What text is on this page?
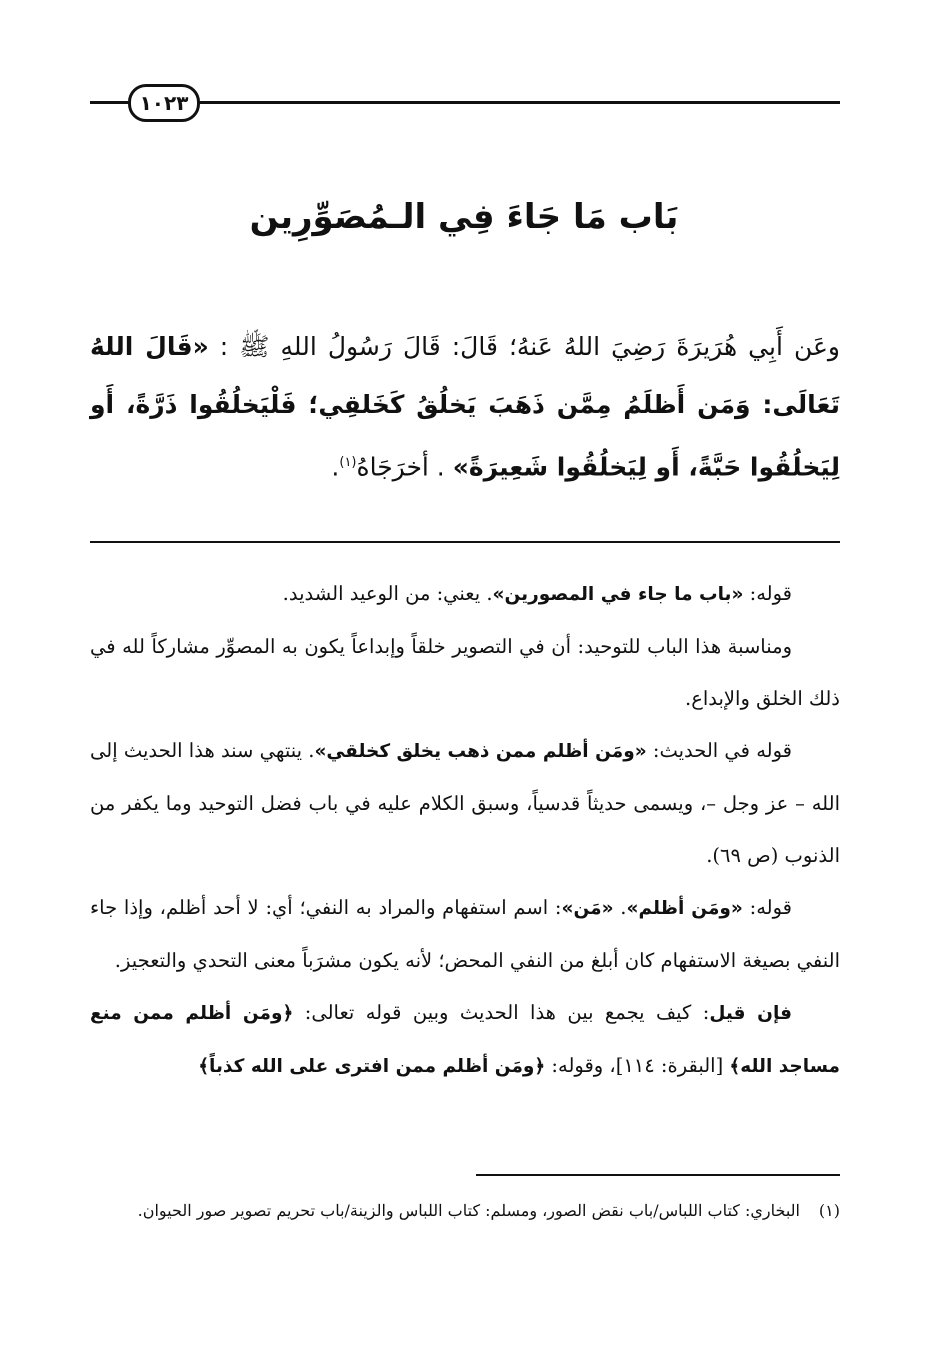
١٠٢٣
بَاب مَا جَاءَ فِي الـمُصَوِّرِين
وعَن أَبِي هُرَيرَةَ رَضِيَ اللهُ عَنهُ؛ قَالَ: قَالَ رَسُولُ اللهِ ﷺ : «قَالَ اللهُ تَعَالَى: وَمَن أَظلَمُ مِمَّن ذَهَبَ يَخلُقُ كَخَلقِي؛ فَلْيَخلُقُوا ذَرَّةً، أَو لِيَخلُقُوا حَبَّةً، أَو لِيَخلُقُوا شَعِيرَةً» . أخرَجَاهُ$^{(١)}$.

قوله: «باب ما جاء في المصورين». يعني: من الوعيد الشديد.

ومناسبة هذا الباب للتوحيد: أن في التصوير خلقاً وإبداعاً يكون به المصوِّر مشاركاً لله في ذلك الخلق والإبداع.

قوله في الحديث: «ومَن أظلم ممن ذهب يخلق كخلقي». ينتهي سند هذا الحديث إلى الله – عز وجل –، ويسمى حديثاً قدسياً، وسبق الكلام عليه في باب فضل التوحيد وما يكفر من الذنوب (ص ٦٩).

قوله: «ومَن أظلم». «مَن»: اسم استفهام والمراد به النفي؛ أي: لا أحد أظلم، وإذا جاء النفي بصيغة الاستفهام كان أبلغ من النفي المحض؛ لأنه يكون مشرَباً معنى التحدي والتعجيز.

فإن قيل: كيف يجمع بين هذا الحديث وبين قوله تعالى: ﴿ومَن أظلم ممن منع مساجد الله﴾ [البقرة: ١١٤]، وقوله: ﴿ومَن أظلم ممن افترى على الله كذباً﴾

(١)
البخاري: كتاب اللباس/باب نقض الصور، ومسلم: كتاب اللباس والزينة/باب تحريم تصوير صور الحيوان.
